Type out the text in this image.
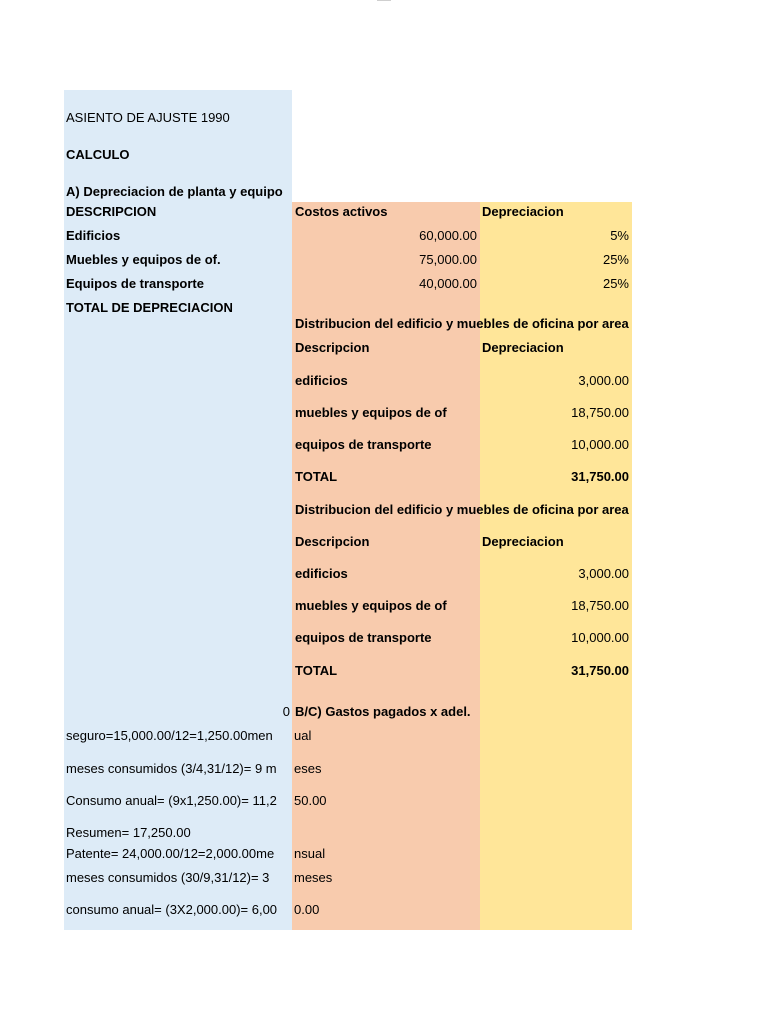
ASIENTO DE AJUSTE 1990
CALCULO
A) Depreciacion de planta y equipo
DESCRIPCION	Costos activos	Depreciacion
Edificios	60,000.00	5%
Muebles y equipos de of.	75,000.00	25%
Equipos de transporte	40,000.00	25%
TOTAL DE DEPRECIACION
Distribucion del edificio y muebles de oficina por area
Descripcion	Depreciacion
edificios	3,000.00
muebles y equipos de of	18,750.00
equipos de transporte	10,000.00
TOTAL	31,750.00
Distribucion del edificio y muebles de oficina por area
Descripcion	Depreciacion
edificios	3,000.00
muebles y equipos de of	18,750.00
equipos de transporte	10,000.00
TOTAL	31,750.00
0 B/C) Gastos pagados x adel.
seguro=15,000.00/12=1,250.00men	ual
meses consumidos (3/4,31/12)= 9 m	eses
Consumo anual= (9x1,250.00)= 11,2	50.00
Resumen= 17,250.00
Patente= 24,000.00/12=2,000.00me	nsual
meses consumidos (30/9,31/12)= 3	meses
consumo anual= (3X2,000.00)= 6,00	0.00
